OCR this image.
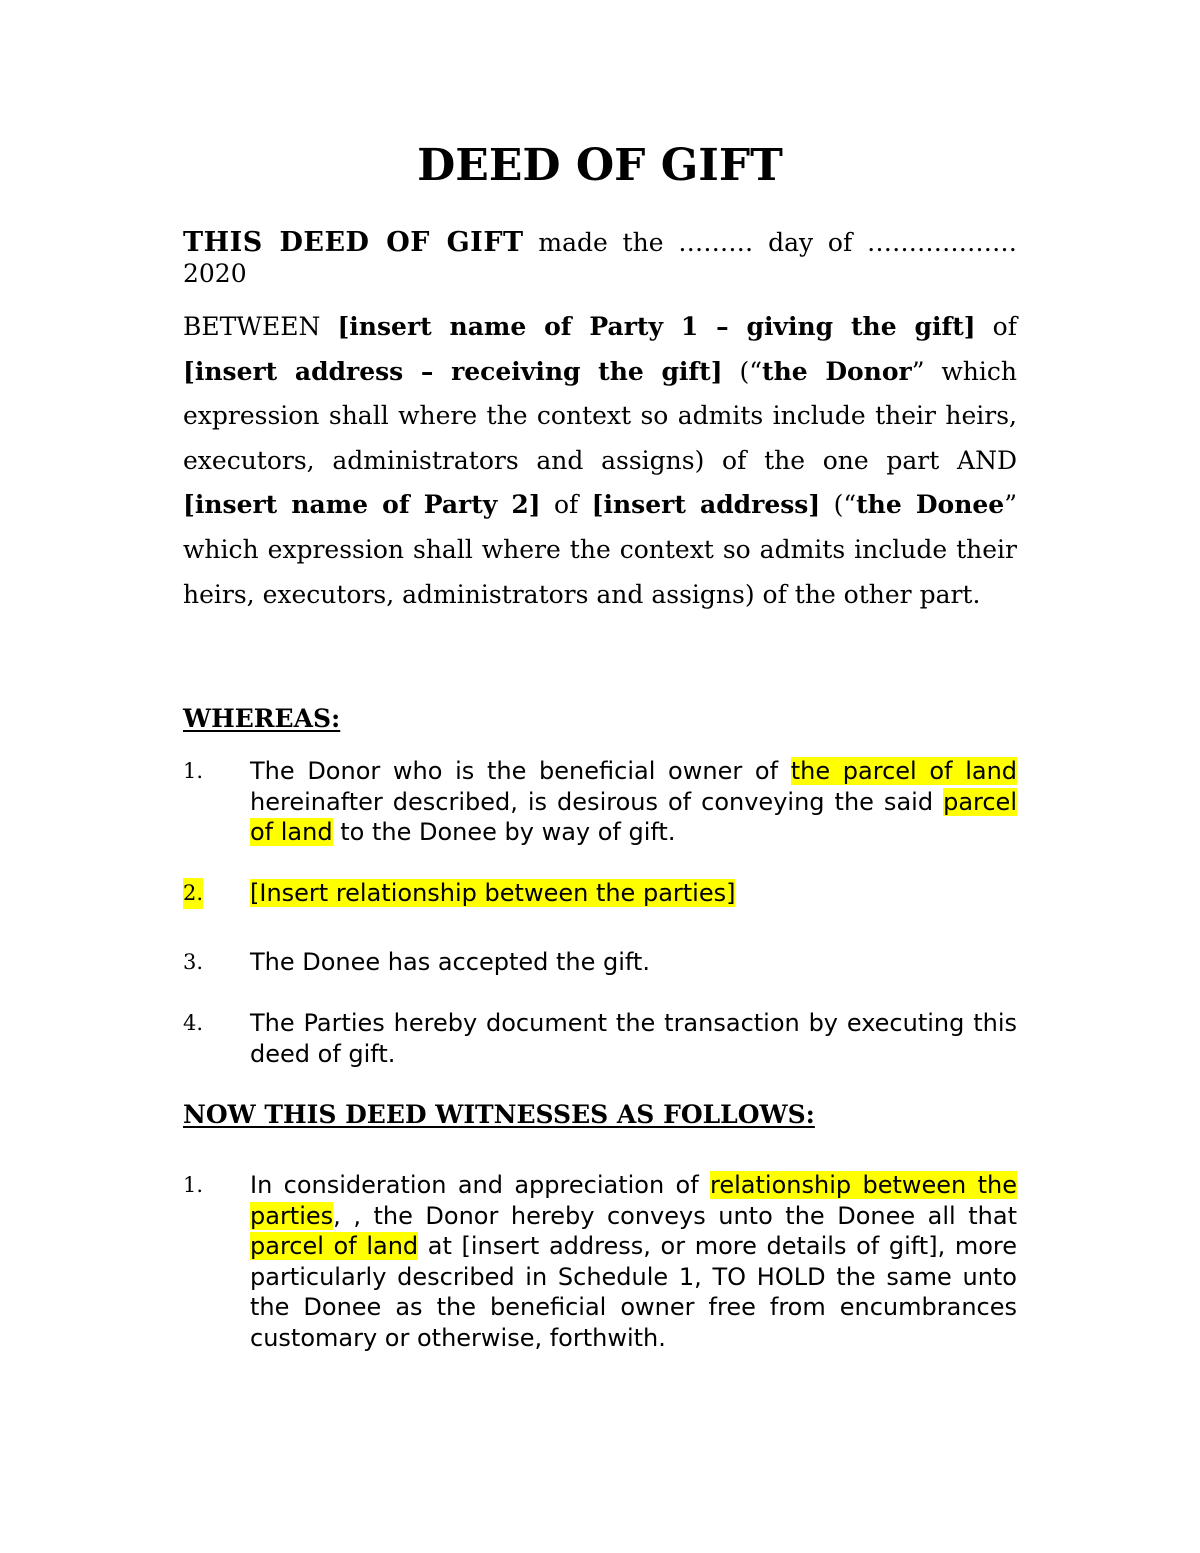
DEED OF GIFT

THIS DEED OF GIFT made the ……… day of ………………

2020

BETWEEN [insert name of Party 1 – giving the gift] of [insert address – receiving the gift] (“the Donor” which expression shall where the context so admits include their heirs, executors, administrators and assigns) of the one part AND [insert name of Party 2] of [insert address] (“the Donee” which expression shall where the context so admits include their heirs, executors, administrators and assigns) of the other part.

WHEREAS:
1. The Donor who is the beneficial owner of the parcel of land hereinafter described, is desirous of conveying the said parcel of land to the Donee by way of gift.
2. [Insert relationship between the parties]
3. The Donee has accepted the gift.
4. The Parties hereby document the transaction by executing this deed of gift.
NOW THIS DEED WITNESSES AS FOLLOWS:
1. In consideration and appreciation of relationship between the parties, , the Donor hereby conveys unto the Donee all that parcel of land at [insert address, or more details of gift], more particularly described in Schedule 1, TO HOLD the same unto the Donee as the beneficial owner free from encumbrances customary or otherwise, forthwith.
